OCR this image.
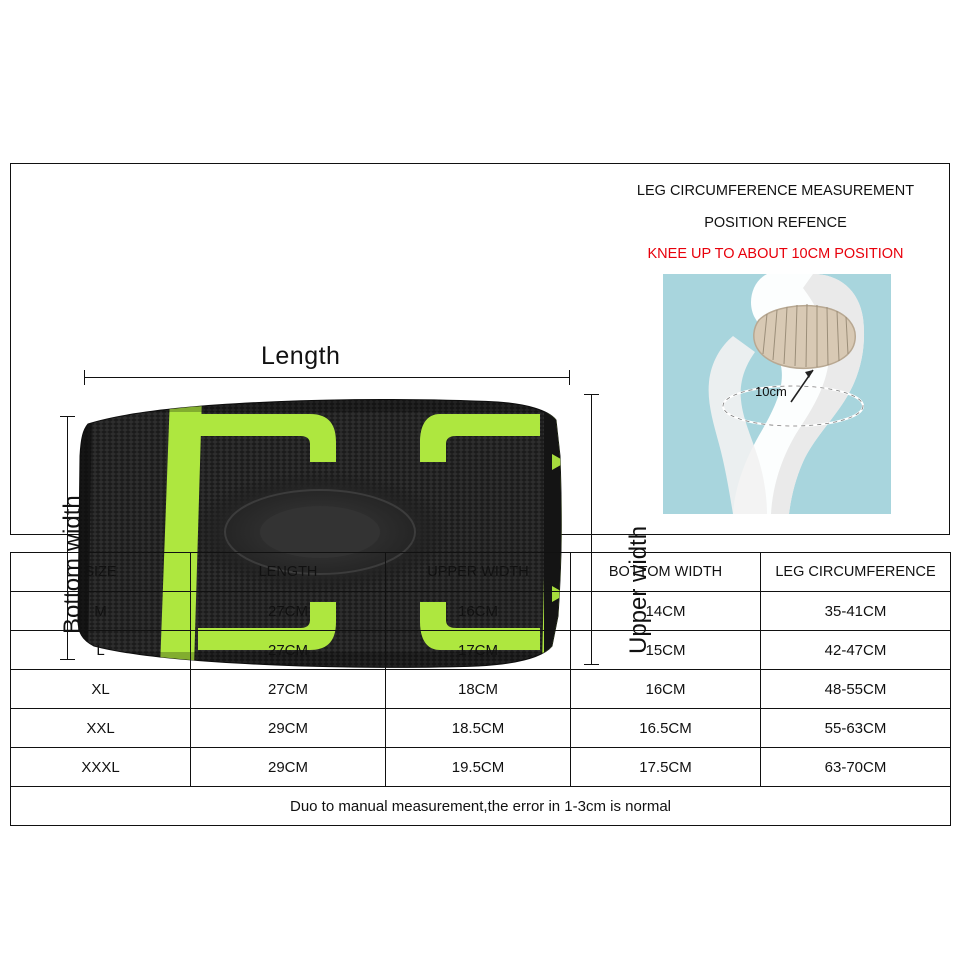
Length
Bottom width	Upper width
LEG CIRCUMFERENCE MEASUREMENT
POSITION REFENCE
KNEE UP TO ABOUT 10CM POSITION
10cm
SIZE	LENGTH	UPPER WIDTH	BOTTOM WIDTH	LEG CIRCUMFERENCE
M	27CM	16CM	14CM	35-41CM
L	27CM	17CM	15CM	42-47CM
XL	27CM	18CM	16CM	48-55CM
XXL	29CM	18.5CM	16.5CM	55-63CM
XXXL	29CM	19.5CM	17.5CM	63-70CM
Duo to manual measurement,the error in 1-3cm is normal				
